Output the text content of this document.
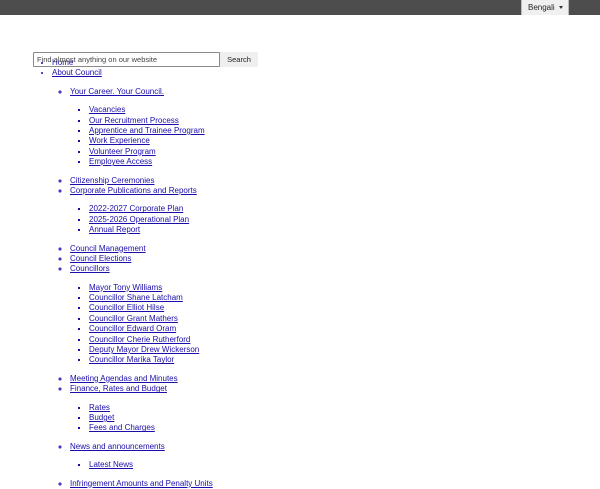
Bengali
• Home
• About Council
◦ Your Career. Your Council.
▪ Vacancies
▪ Our Recruitment Process
▪ Apprentice and Trainee Program
▪ Work Experience
▪ Volunteer Program
▪ Employee Access
◦ Citizenship Ceremonies
◦ Corporate Publications and Reports
▪ 2022-2027 Corporate Plan
▪ 2025-2026 Operational Plan
▪ Annual Report
◦ Council Management
◦ Council Elections
◦ Councillors
▪ Mayor Tony Williams
▪ Councillor Shane Latcham
▪ Councillor Elliot Hilse
▪ Councillor Grant Mathers
▪ Councillor Edward Oram
▪ Councillor Cherie Rutherford
▪ Deputy Mayor Drew Wickerson
▪ Councillor Marika Taylor
◦ Meeting Agendas and Minutes
◦ Finance, Rates and Budget
▪ Rates
▪ Budget
▪ Fees and Charges
◦ News and announcements
▪ Latest News
◦ Infringement Amounts and Penalty Units
Find almost anything on our website
Search
